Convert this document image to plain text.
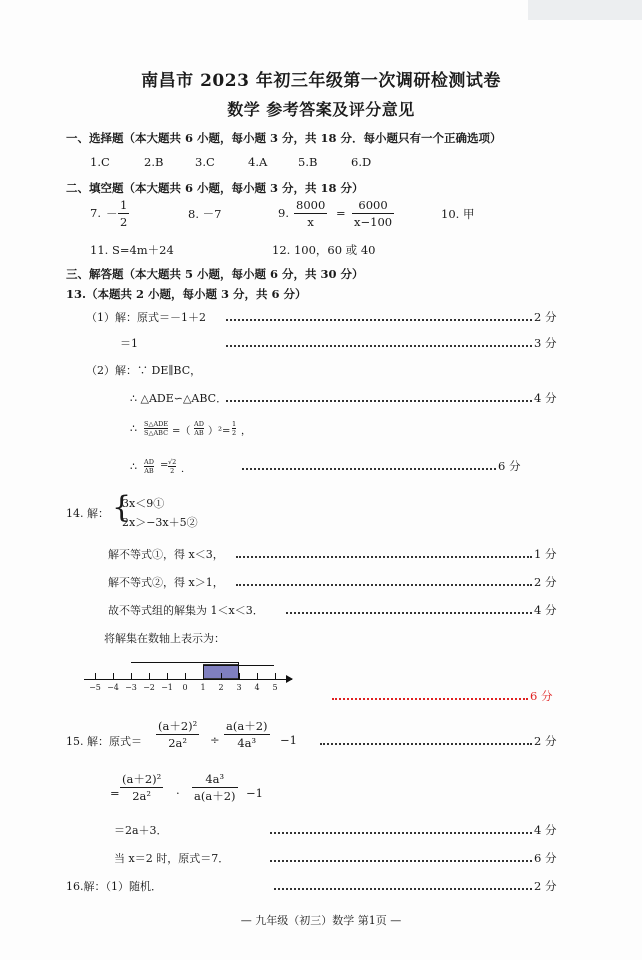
南昌市 2023 年初三年级第一次调研检测试卷
数学 参考答案及评分意见
一、选择题（本大题共 6 小题，每小题 3 分，共 18 分．每小题只有一个正确选项）
1.C	2.B	3.C	4.A	5.B	6.D
二、填空题（本大题共 6 小题，每小题 3 分，共 18 分）
7. － $\frac{1}{2}$	8. －7	9. $\frac{8000}{x} = \frac{6000}{x-100}$	10. 甲
11. S=4m＋24	12. 100，60 或 40
三、解答题（本大题共 5 小题，每小题 6 分，共 30 分）
13.（本题共 2 小题，每小题 3 分，共 6 分）
（1）解：原式＝－1＋2	2 分
＝1	3 分
（2）解：∵ DE∥BC，
∴ △ADE∽△ABC．	4 分
∴ S△ADE
S△ABC =（ $\frac{AD}{AB} )^2= \frac{1}{2}$ ，
∴ $\frac{AD}{AB} = \frac{√2}{2}$ ．	6 分
14. 解： {
3x＜9①
2x＞−3x＋5②
解不等式①，得 x＜3，	1 分
解不等式②，得 x＞1，	2 分
故不等式组的解集为 1＜x＜3．	4 分
将解集在数轴上表示为：
−5 −4 −3 −2 −1	0	1	2	3	4	5
6 分
15. 解：原式＝ $\frac{\text{(a＋2)²}}{\text{2a²}} \div \frac{a(a+2)}{\text{4a³}} -1$	2 分
= $\frac{\text{(a＋2)²}}{\text{2a²}} \cdot \frac{\text{4a³}}{a(a+2)} -1$
＝2a＋3．	4 分
当 x＝2 时，原式＝7．	6 分
16.解：（1）随机．	2 分
— 九年级（初三）数学 第1页 —
